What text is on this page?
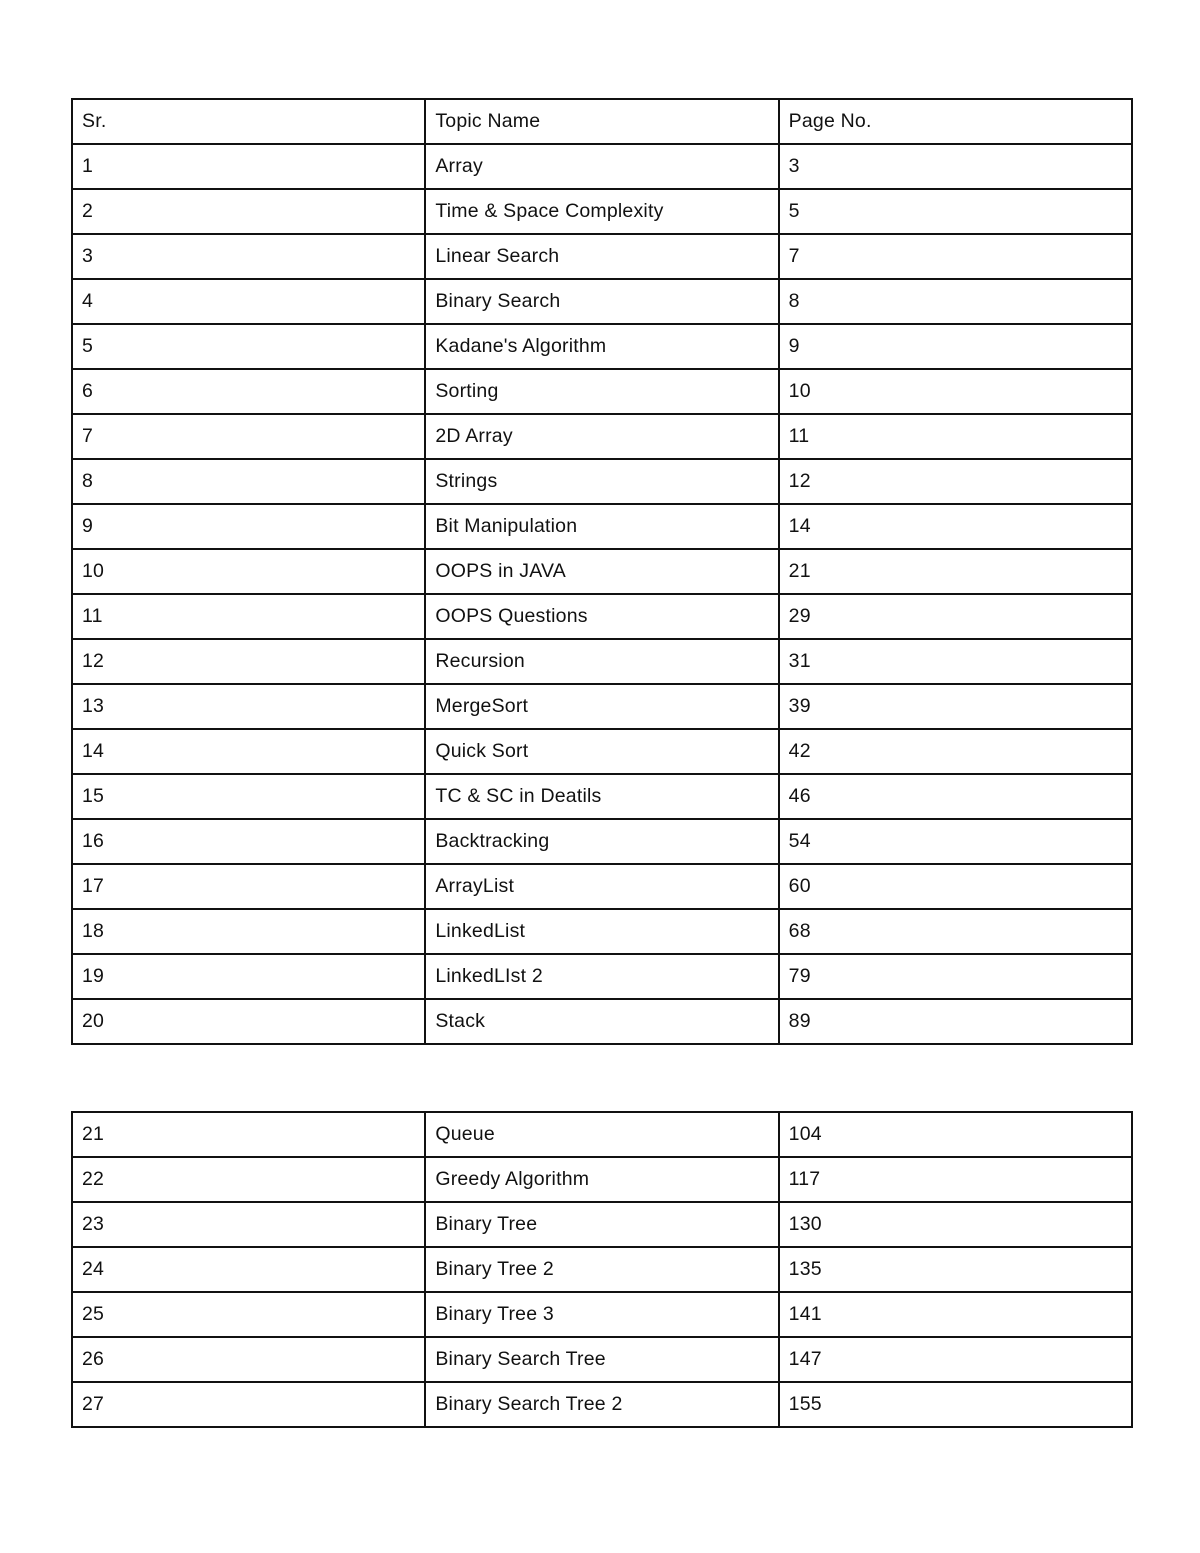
Sr.	Topic Name	Page No.
1	Array	3
2	Time & Space Complexity	5
3	Linear Search	7
4	Binary Search	8
5	Kadane's Algorithm	9
6	Sorting	10
7	2D Array	11
8	Strings	12
9	Bit Manipulation	14
10	OOPS in JAVA	21
11	OOPS Questions	29
12	Recursion	31
13	MergeSort	39
14	Quick Sort	42
15	TC & SC in Deatils	46
16	Backtracking	54
17	ArrayList	60
18	LinkedList	68
19	LinkedLIst 2	79
20	Stack	89
21	Queue	104
22	Greedy Algorithm	117
23	Binary Tree	130
24	Binary Tree 2	135
25	Binary Tree 3	141
26	Binary Search Tree	147
27	Binary Search Tree 2	155
